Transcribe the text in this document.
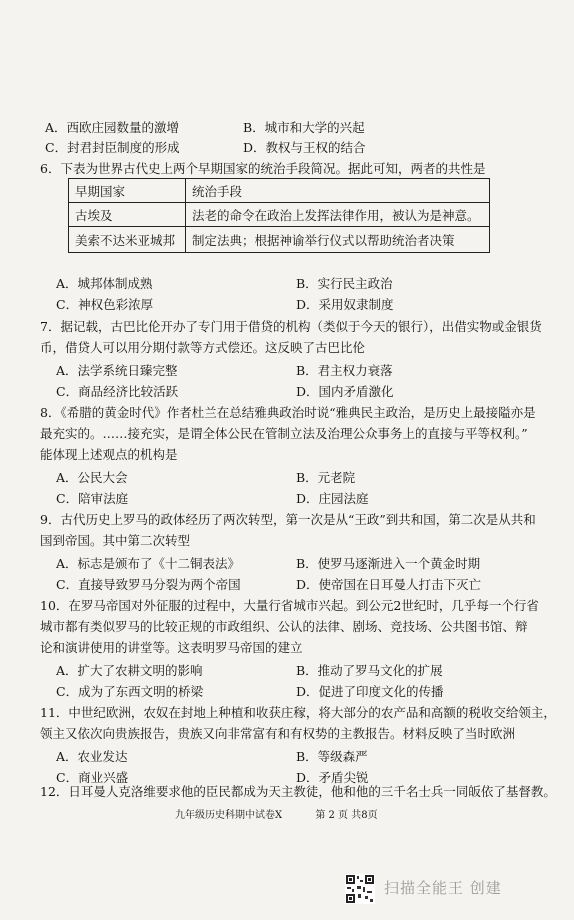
A．西欧庄园数量的激增	B．城市和大学的兴起
C．封君封臣制度的形成	D．教权与王权的结合
6．下表为世界古代史上两个早期国家的统治手段简况。据此可知，两者的共性是
早期国家	统治手段
古埃及	法老的命令在政治上发挥法律作用，被认为是神意。
美索不达米亚城邦	制定法典；根据神谕举行仪式以帮助统治者决策
A．城邦体制成熟	B．实行民主政治
C．神权色彩浓厚	D．采用奴隶制度
7．据记载，古巴比伦开办了专门用于借贷的机构（类似于今天的银行），出借实物或金银货
币，借贷人可以用分期付款等方式偿还。这反映了古巴比伦
A．法学系统日臻完整	B．君主权力衰落
C．商品经济比较活跃	D．国内矛盾激化
8．《希腊的黄金时代》作者杜兰在总结雅典政治时说“雅典民主政治，是历史上最接隘亦是
最充实的。……接充实，是谓全体公民在管制立法及治理公众事务上的直接与平等权利。”
能体现上述观点的机构是
A．公民大会	B．元老院
C．陪审法庭	D．庄园法庭
9．古代历史上罗马的政体经历了两次转型，第一次是从“王政”到共和国，第二次是从共和
国到帝国。其中第二次转型
A．标志是颁布了《十二铜表法》	B．使罗马逐渐进入一个黄金时期
C．直接导致罗马分裂为两个帝国	D．使帝国在日耳曼人打击下灭亡
10．在罗马帝国对外征服的过程中，大量行省城市兴起。到公元2世纪时，几乎每一个行省
城市都有类似罗马的比较正规的市政组织、公认的法律、剧场、竞技场、公共图书馆、辩
论和演讲使用的讲堂等。这表明罗马帝国的建立
A．扩大了农耕文明的影响	B．推动了罗马文化的扩展
C．成为了东西文明的桥梁	D．促进了印度文化的传播
11．中世纪欧洲，农奴在封地上种植和收获庄稼，将大部分的农产品和高额的税收交给领主，
领主又依次向贵族报告，贵族又向非常富有和有权势的主教报告。材料反映了当时欧洲
A．农业发达	B．等级森严
C．商业兴盛	D．矛盾尖锐
12．日耳曼人克洛维要求他的臣民都成为天主教徒，他和他的三千名士兵一同皈依了基督教。
九年级历史科期中试卷X	第 2 页 共8页
扫描全能王 创建
